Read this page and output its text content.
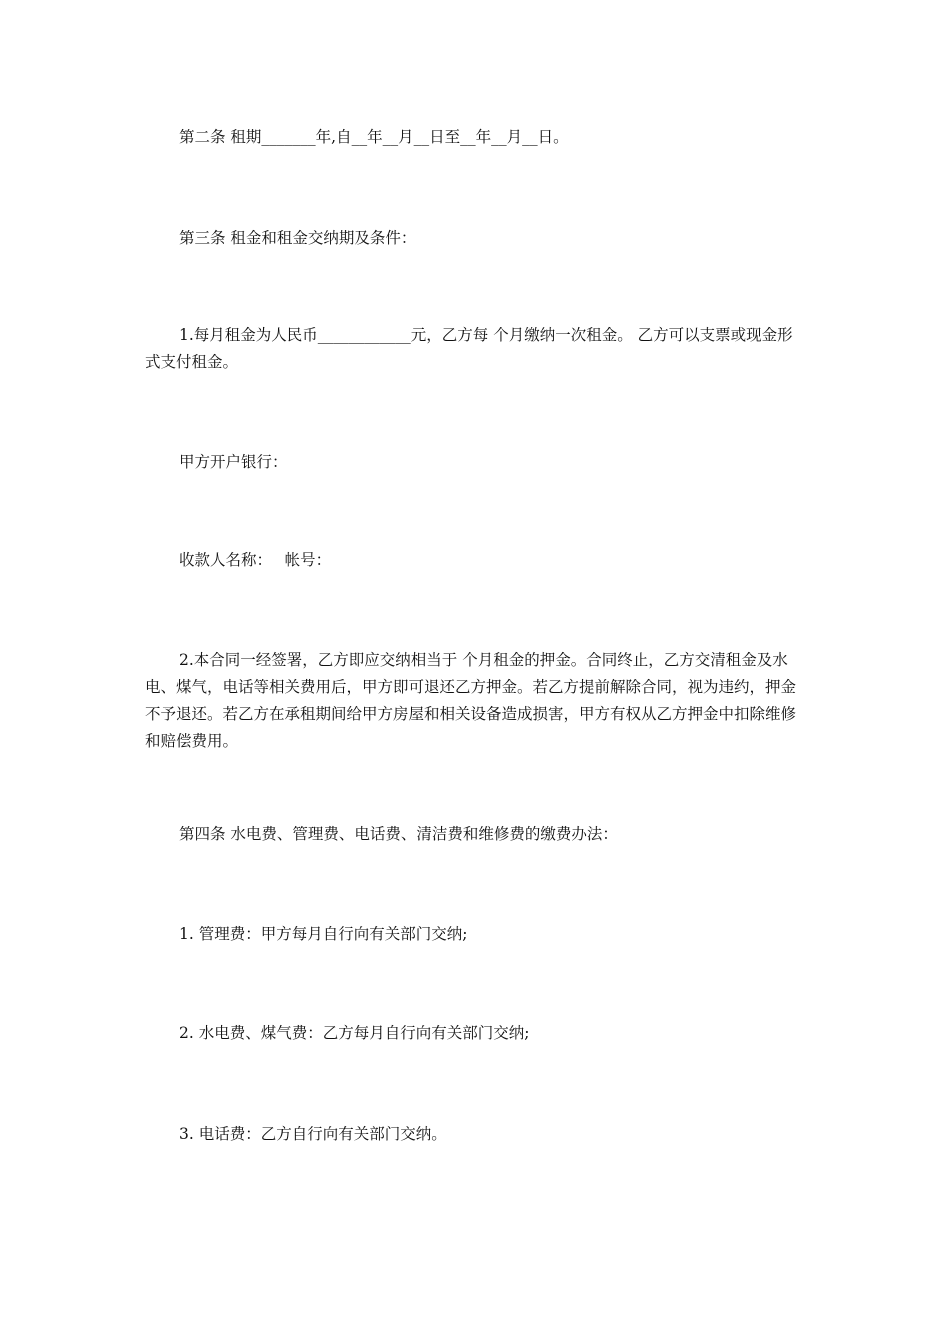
第二条 租期_______年,自__年__月__日至__年__月__日。

第三条 租金和租金交纳期及条件：

1.每月租金为人民币____________元，乙方每 个月缴纳一次租金。 乙方可以支票或现金形式支付租金。

甲方开户银行：

收款人名称：　 帐号：

2.本合同一经签署，乙方即应交纳相当于 个月租金的押金。合同终止，乙方交清租金及水电、煤气，电话等相关费用后，甲方即可退还乙方押金。若乙方提前解除合同，视为违约，押金不予退还。若乙方在承租期间给甲方房屋和相关设备造成损害，甲方有权从乙方押金中扣除维修和赔偿费用。

第四条 水电费、管理费、电话费、清洁费和维修费的缴费办法：

1. 管理费：甲方每月自行向有关部门交纳;

2. 水电费、煤气费：乙方每月自行向有关部门交纳;

3. 电话费：乙方自行向有关部门交纳。
